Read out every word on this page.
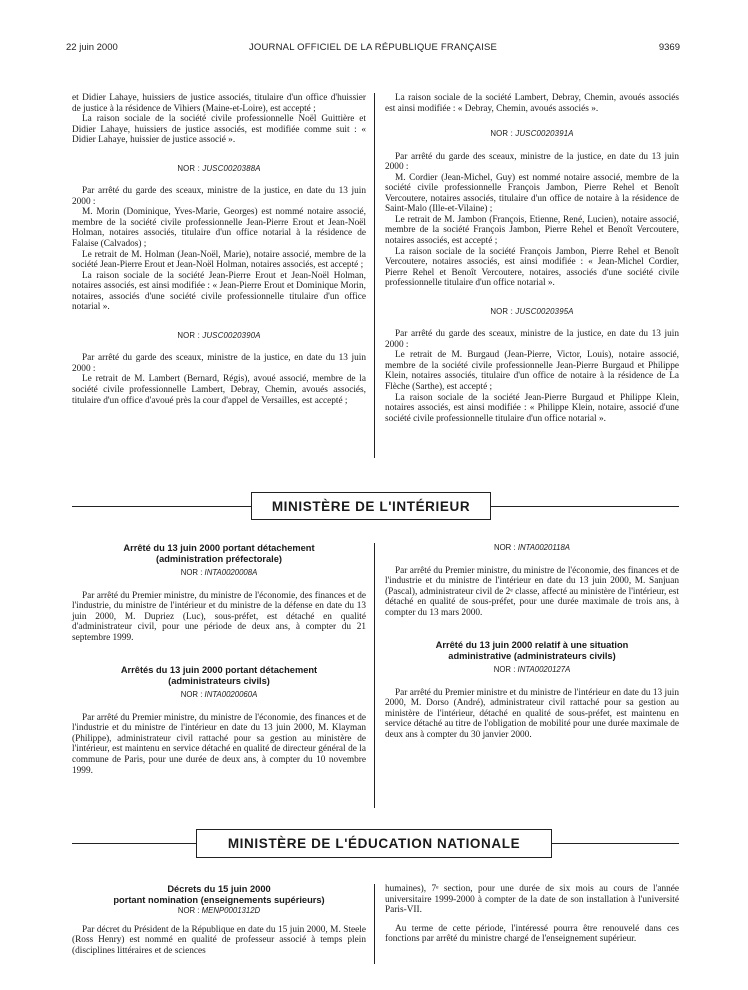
22 juin 2000	JOURNAL OFFICIEL DE LA RÉPUBLIQUE FRANÇAISE	9369

et Didier Lahaye, huissiers de justice associés, titulaire d'un office d'huissier de justice à la résidence de Vihiers (Maine-et-Loire), est accepté ;

La raison sociale de la société civile professionnelle Noël Guittière et Didier Lahaye, huissiers de justice associés, est modifiée comme suit : « Didier Lahaye, huissier de justice associé ».

NOR : JUSC0020388A

Par arrêté du garde des sceaux, ministre de la justice, en date du 13 juin 2000 :

M. Morin (Dominique, Yves-Marie, Georges) est nommé notaire associé, membre de la société civile professionnelle Jean-Pierre Erout et Jean-Noël Holman, notaires associés, titulaire d'un office notarial à la résidence de Falaise (Calvados) ;

Le retrait de M. Holman (Jean-Noël, Marie), notaire associé, membre de la société Jean-Pierre Erout et Jean-Noël Holman, notaires associés, est accepté ;

La raison sociale de la société Jean-Pierre Erout et Jean-Noël Holman, notaires associés, est ainsi modifiée : « Jean-Pierre Erout et Dominique Morin, notaires, associés d'une société civile professionnelle titulaire d'un office notarial ».

NOR : JUSC0020390A

Par arrêté du garde des sceaux, ministre de la justice, en date du 13 juin 2000 :

Le retrait de M. Lambert (Bernard, Régis), avoué associé, membre de la société civile professionnelle Lambert, Debray, Chemin, avoués associés, titulaire d'un office d'avoué près la cour d'appel de Versailles, est accepté ;

La raison sociale de la société Lambert, Debray, Chemin, avoués associés est ainsi modifiée : « Debray, Chemin, avoués associés ».

NOR : JUSC0020391A

Par arrêté du garde des sceaux, ministre de la justice, en date du 13 juin 2000 :

M. Cordier (Jean-Michel, Guy) est nommé notaire associé, membre de la société civile professionnelle François Jambon, Pierre Rehel et Benoît Vercoutere, notaires associés, titulaire d'un office de notaire à la résidence de Saint-Malo (Ille-et-Vilaine) ;

Le retrait de M. Jambon (François, Etienne, René, Lucien), notaire associé, membre de la société François Jambon, Pierre Rehel et Benoît Vercoutere, notaires associés, est accepté ;

La raison sociale de la société François Jambon, Pierre Rehel et Benoît Vercoutere, notaires associés, est ainsi modifiée : « Jean-Michel Cordier, Pierre Rehel et Benoît Vercoutere, notaires, associés d'une société civile professionnelle titulaire d'un office notarial ».

NOR : JUSC0020395A

Par arrêté du garde des sceaux, ministre de la justice, en date du 13 juin 2000 :

Le retrait de M. Burgaud (Jean-Pierre, Victor, Louis), notaire associé, membre de la société civile professionnelle Jean-Pierre Burgaud et Philippe Klein, notaires associés, titulaire d'un office de notaire à la résidence de La Flèche (Sarthe), est accepté ;

La raison sociale de la société Jean-Pierre Burgaud et Philippe Klein, notaires associés, est ainsi modifiée : « Philippe Klein, notaire, associé d'une société civile professionnelle titulaire d'un office notarial ».

MINISTÈRE DE L'INTÉRIEUR
Arrêté du 13 juin 2000 portant détachement
(administration préfectorale)
NOR : INTA0020008A

Par arrêté du Premier ministre, du ministre de l'économie, des finances et de l'industrie, du ministre de l'intérieur et du ministre de la défense en date du 13 juin 2000, M. Dupriez (Luc), sous-préfet, est détaché en qualité d'administrateur civil, pour une période de deux ans, à compter du 21 septembre 1999.

Arrêtés du 13 juin 2000 portant détachement
(administrateurs civils)
NOR : INTA0020060A

Par arrêté du Premier ministre, du ministre de l'économie, des finances et de l'industrie et du ministre de l'intérieur en date du 13 juin 2000, M. Klayman (Philippe), administrateur civil rattaché pour sa gestion au ministère de l'intérieur, est maintenu en service détaché en qualité de directeur général de la commune de Paris, pour une durée de deux ans, à compter du 10 novembre 1999.

NOR : INTA0020118A

Par arrêté du Premier ministre, du ministre de l'économie, des finances et de l'industrie et du ministre de l'intérieur en date du 13 juin 2000, M. Sanjuan (Pascal), administrateur civil de 2ᵉ classe, affecté au ministère de l'intérieur, est détaché en qualité de sous-préfet, pour une durée maximale de trois ans, à compter du 13 mars 2000.

Arrêté du 13 juin 2000 relatif à une situation
administrative (administrateurs civils)
NOR : INTA0020127A

Par arrêté du Premier ministre et du ministre de l'intérieur en date du 13 juin 2000, M. Dorso (André), administrateur civil rattaché pour sa gestion au ministère de l'intérieur, détaché en qualité de sous-préfet, est maintenu en service détaché au titre de l'obligation de mobilité pour une durée maximale de deux ans à compter du 30 janvier 2000.

MINISTÈRE DE L'ÉDUCATION NATIONALE
Décrets du 15 juin 2000
portant nomination (enseignements supérieurs)
NOR : MENP0001312D

Par décret du Président de la République en date du 15 juin 2000, M. Steele (Ross Henry) est nommé en qualité de professeur associé à temps plein (disciplines littéraires et de sciences

humaines), 7ᵉ section, pour une durée de six mois au cours de l'année universitaire 1999-2000 à compter de la date de son installation à l'université Paris-VII.

Au terme de cette période, l'intéressé pourra être renouvelé dans ces fonctions par arrêté du ministre chargé de l'enseignement supérieur.
